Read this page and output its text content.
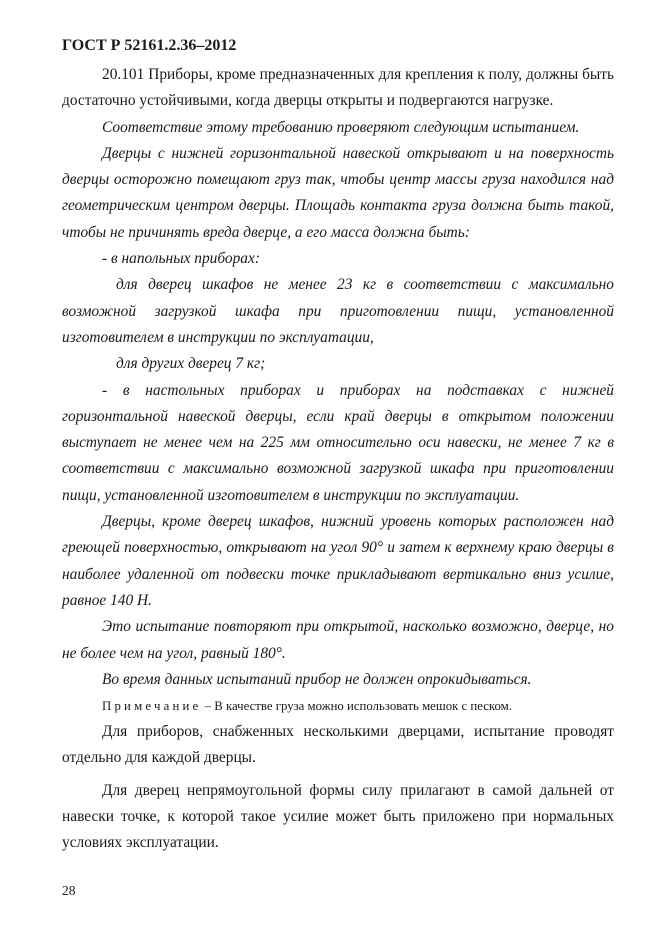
ГОСТ Р 52161.2.36–2012

20.101 Приборы, кроме предназначенных для крепления к полу, должны быть достаточно устойчивыми, когда дверцы открыты и подвергаются нагрузке.

Соответствие этому требованию проверяют следующим испытанием.

Дверцы с нижней горизонтальной навеской открывают и на поверхность дверцы осторожно помещают груз так, чтобы центр массы груза находился над геометрическим центром дверцы. Площадь контакта груза должна быть такой, чтобы не причинять вреда дверце, а его масса должна быть:

- в напольных приборах:

для дверец шкафов не менее 23 кг в соответствии с максимально возможной загрузкой шкафа при приготовлении пищи, установленной изготовителем в инструкции по эксплуатации,

для других дверец 7 кг;

- в настольных приборах и приборах на подставках с нижней горизонтальной навеской дверцы, если край дверцы в открытом положении выступает не менее чем на 225 мм относительно оси навески, не менее 7 кг в соответствии с максимально возможной загрузкой шкафа при приготовлении пищи, установленной изготовителем в инструкции по эксплуатации.

Дверцы, кроме дверец шкафов, нижний уровень которых расположен над греющей поверхностью, открывают на угол 90° и затем к верхнему краю дверцы в наиболее удаленной от подвески точке прикладывают вертикально вниз усилие, равное 140 Н.

Это испытание повторяют при открытой, насколько возможно, дверце, но не более чем на угол, равный 180°.

Во время данных испытаний прибор не должен опрокидываться.

Примечание – В качестве груза можно использовать мешок с песком.

Для приборов, снабженных несколькими дверцами, испытание проводят отдельно для каждой дверцы.

Для дверец непрямоугольной формы силу прилагают в самой дальней от навески точке, к которой такое усилие может быть приложено при нормальных условиях эксплуатации.

28
